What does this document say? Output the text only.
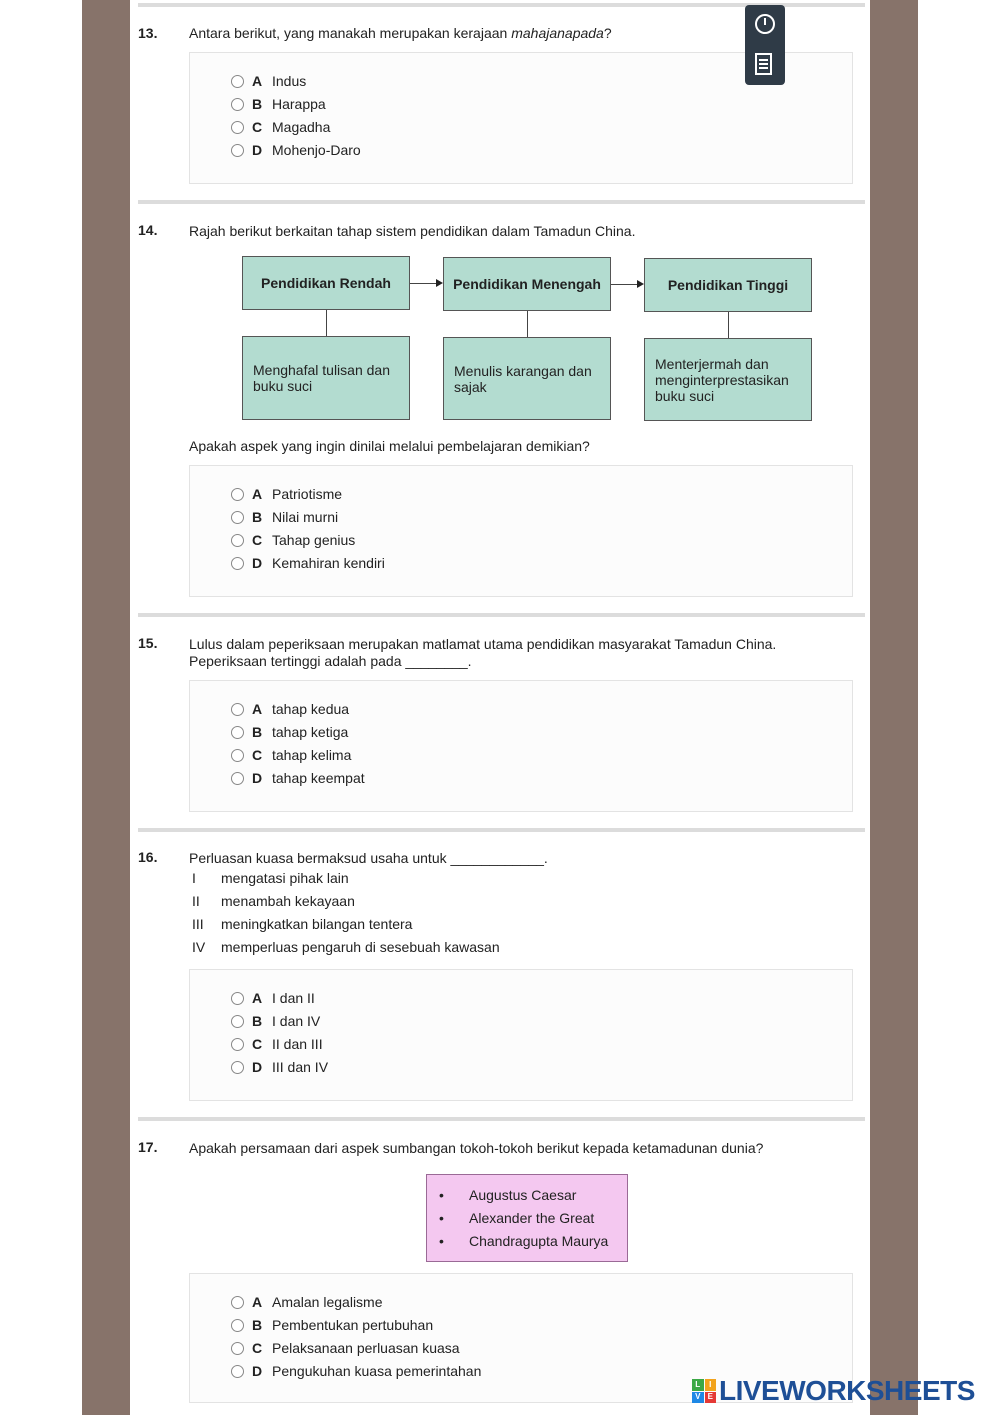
13. Antara berikut, yang manakah merupakan kerajaan mahajanapada?
A Indus
B Harappa
C Magadha
D Mohenjo-Daro
14. Rajah berikut berkaitan tahap sistem pendidikan dalam Tamadun China.
Pendidikan Rendah	Pendidikan Menengah	Pendidikan Tinggi
Menghafal tulisan dan buku suci
Menulis karangan dan sajak
Menterjermah dan menginterprestasikan buku suci
Apakah aspek yang ingin dinilai melalui pembelajaran demikian?
A Patriotisme
B Nilai murni
C Tahap genius
D Kemahiran kendiri
15. Lulus dalam peperiksaan merupakan matlamat utama pendidikan masyarakat Tamadun China.
Peperiksaan tertinggi adalah pada ________.
A tahap kedua
B tahap ketiga
C tahap kelima
D tahap keempat
16. Perluasan kuasa bermaksud usaha untuk ____________.
I	mengatasi pihak lain
II	menambah kekayaan
III	meningkatkan bilangan tentera
IV	memperluas pengaruh di sesebuah kawasan
A I dan II
B I dan IV
C II dan III
D III dan IV
17. Apakah persamaan dari aspek sumbangan tokoh-tokoh berikut kepada ketamadunan dunia?
•	Augustus Caesar
•	Alexander the Great
•	Chandragupta Maurya
A Amalan legalisme
B Pembentukan pertubuhan
C Pelaksanaan perluasan kuasa
D Pengukuhan kuasa pemerintahan
L	I
V E LIVEWORKSHEETS
